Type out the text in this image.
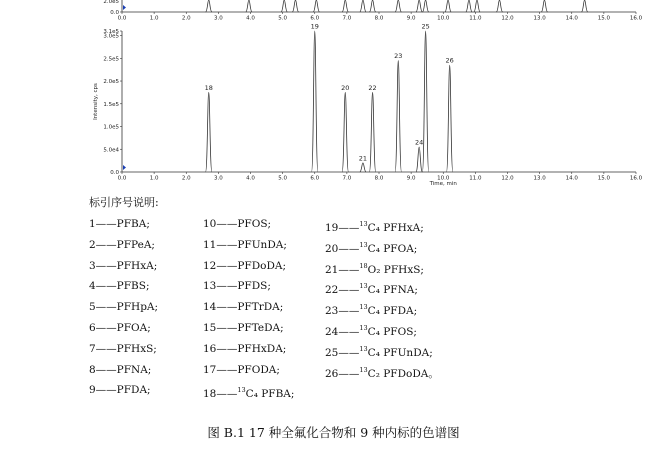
0.0	1.0	2.0	3.0	4.0	5.0	6.0	7.0	8.0	9.0	10.0	11.0	12.0	13.0	14.0	15.0	16.0
0.0
2.0e5
0.0	1.0	2.0	3.0	4.0	5.0	6.0	7.0	8.0	9.0	10.0	11.0	12.0	13.0	14.0	15.0	16.0
0.0
5.0e4
1.0e5
1.5e5
2.0e5
2.5e5
3.0e5
3.1e5
Time, min
Intensity, cps	18
19
20
21
22
23
24
25
26
标引序号说明:
1——PFBA;
2——PFPeA;
3——PFHxA;
4——PFBS;
5——PFHpA;
6——PFOA;
7——PFHxS;
8——PFNA;
9——PFDA;
10——PFOS;
11——PFUnDA;
12——PFDoDA;
13——PFDS;
14——PFTrDA;
15——PFTeDA;
16——PFHxDA;
17——PFODA;
18——$^{13}$C₄ PFBA;
19——$^{13}$C₄ PFHxA;
20——$^{13}$C₄ PFOA;
21——$^{18}$O₂ PFHxS;
22——$^{13}$C₄ PFNA;
23——$^{13}$C₄ PFDA;
24——$^{13}$C₄ PFOS;
25——$^{13}$C₄ PFUnDA;
26——$^{13}$C₂ PFDoDA。
图 B.1 17 种全氟化合物和 9 种内标的色谱图
